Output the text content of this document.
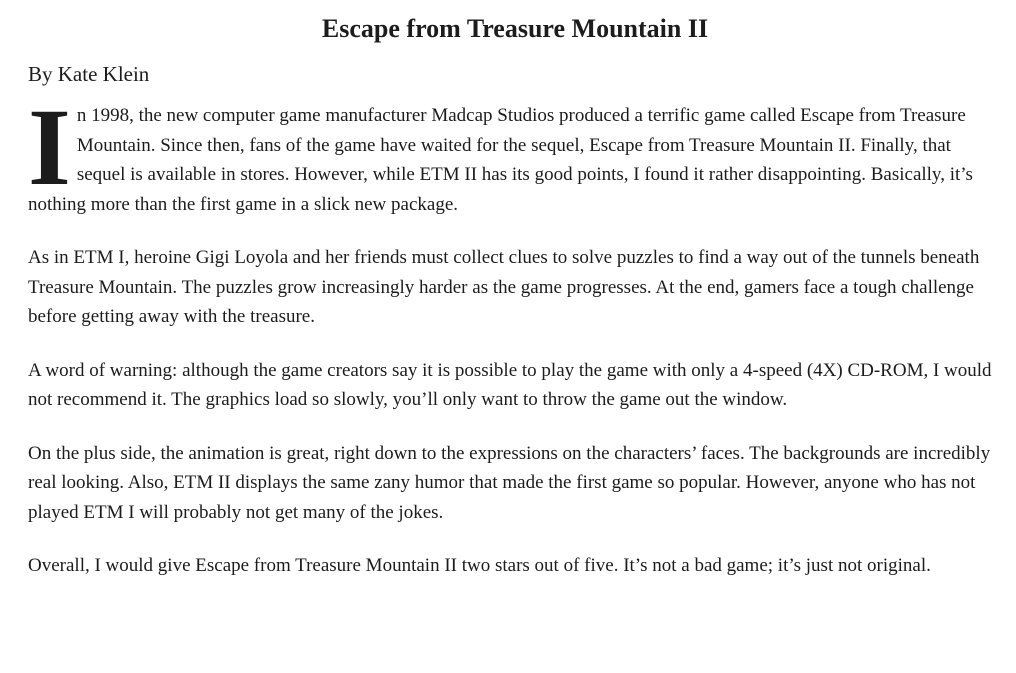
Escape from Treasure Mountain II
By Kate Klein

In 1998, the new computer game manufacturer Madcap Studios produced a terrific game called Escape from Treasure Mountain. Since then, fans of the game have waited for the sequel, Escape from Treasure Mountain II. Finally, that sequel is available in stores. However, while ETM II has its good points, I found it rather disappointing. Basically, it’s nothing more than the first game in a slick new package.

As in ETM I, heroine Gigi Loyola and her friends must collect clues to solve puzzles to find a way out of the tunnels beneath Treasure Mountain. The puzzles grow increasingly harder as the game progresses. At the end, gamers face a tough challenge before getting away with the treasure.

A word of warning: although the game creators say it is possible to play the game with only a 4-speed (4X) CD-ROM, I would not recommend it. The graphics load so slowly, you’ll only want to throw the game out the window.

On the plus side, the animation is great, right down to the expressions on the characters’ faces. The backgrounds are incredibly real looking. Also, ETM II displays the same zany humor that made the first game so popular. However, anyone who has not played ETM I will probably not get many of the jokes.

Overall, I would give Escape from Treasure Mountain II two stars out of five. It’s not a bad game; it’s just not original.
